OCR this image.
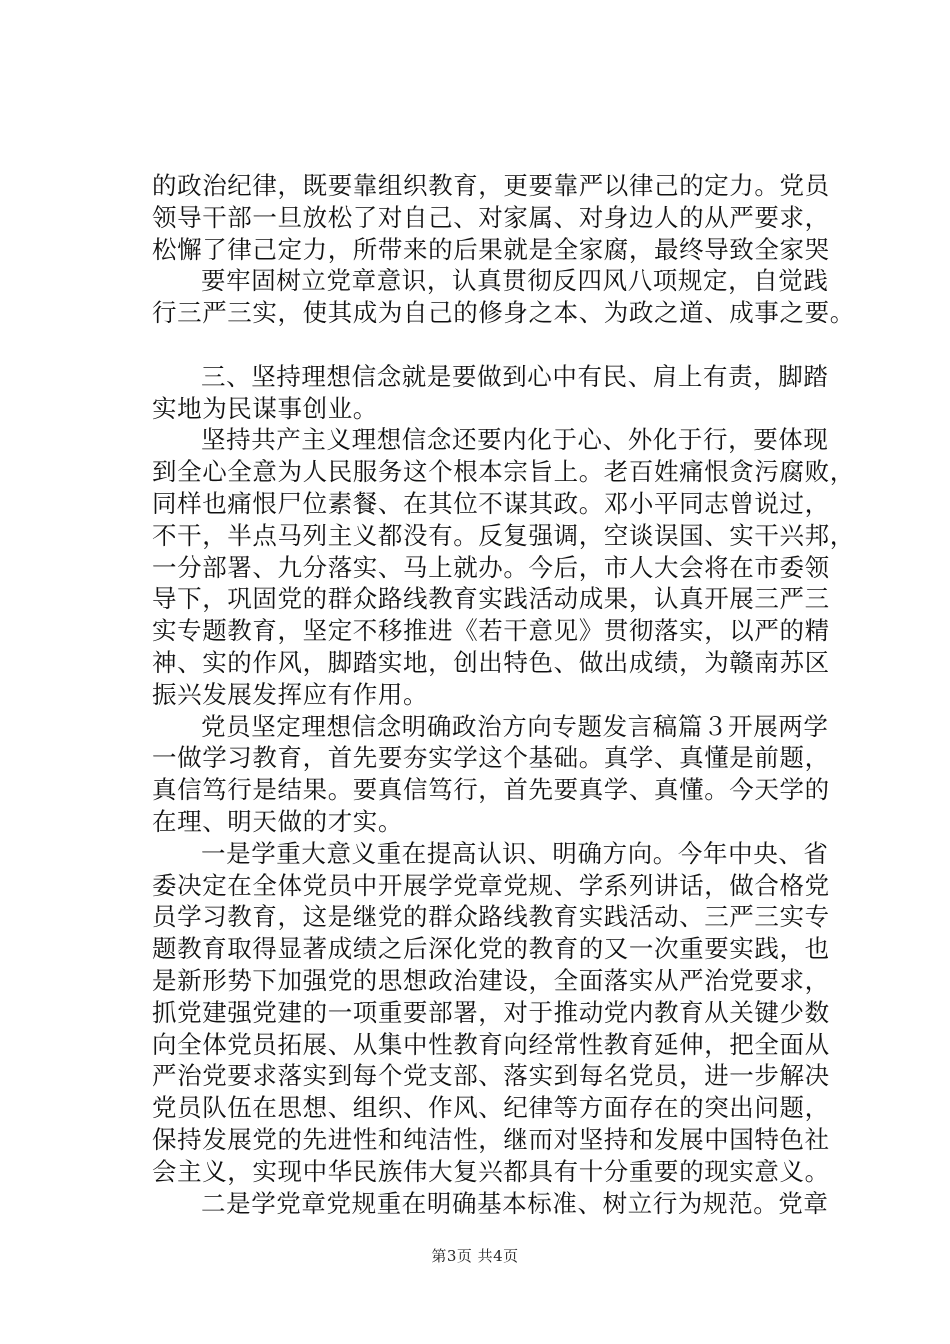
的政治纪律，既要靠组织教育，更要靠严以律己的定力。党员
领导干部一旦放松了对自己、对家属、对身边人的从严要求，
松懈了律己定力，所带来的后果就是全家腐，最终导致全家哭
要牢固树立党章意识，认真贯彻反四风八项规定，自觉践
行三严三实，使其成为自己的修身之本、为政之道、成事之要。
三、坚持理想信念就是要做到心中有民、肩上有责，脚踏
实地为民谋事创业。
坚持共产主义理想信念还要内化于心、外化于行，要体现
到全心全意为人民服务这个根本宗旨上。老百姓痛恨贪污腐败，
同样也痛恨尸位素餐、在其位不谋其政。邓小平同志曾说过，
不干，半点马列主义都没有。反复强调，空谈误国、实干兴邦，
一分部署、九分落实、马上就办。今后，市人大会将在市委领
导下，巩固党的群众路线教育实践活动成果，认真开展三严三
实专题教育，坚定不移推进《若干意见》贯彻落实，以严的精
神、实的作风，脚踏实地，创出特色、做出成绩，为赣南苏区
振兴发展发挥应有作用。
党员坚定理想信念明确政治方向专题发言稿篇３开展两学
一做学习教育，首先要夯实学这个基础。真学、真懂是前题，
真信笃行是结果。要真信笃行，首先要真学、真懂。今天学的
在理、明天做的才实。
一是学重大意义重在提高认识、明确方向。今年中央、省
委决定在全体党员中开展学党章党规、学系列讲话，做合格党
员学习教育，这是继党的群众路线教育实践活动、三严三实专
题教育取得显著成绩之后深化党的教育的又一次重要实践，也
是新形势下加强党的思想政治建设，全面落实从严治党要求，
抓党建强党建的一项重要部署，对于推动党内教育从关键少数
向全体党员拓展、从集中性教育向经常性教育延伸，把全面从
严治党要求落实到每个党支部、落实到每名党员，进一步解决
党员队伍在思想、组织、作风、纪律等方面存在的突出问题，
保持发展党的先进性和纯洁性，继而对坚持和发展中国特色社
会主义，实现中华民族伟大复兴都具有十分重要的现实意义。
二是学党章党规重在明确基本标准、树立行为规范。党章
第3页 共4页
